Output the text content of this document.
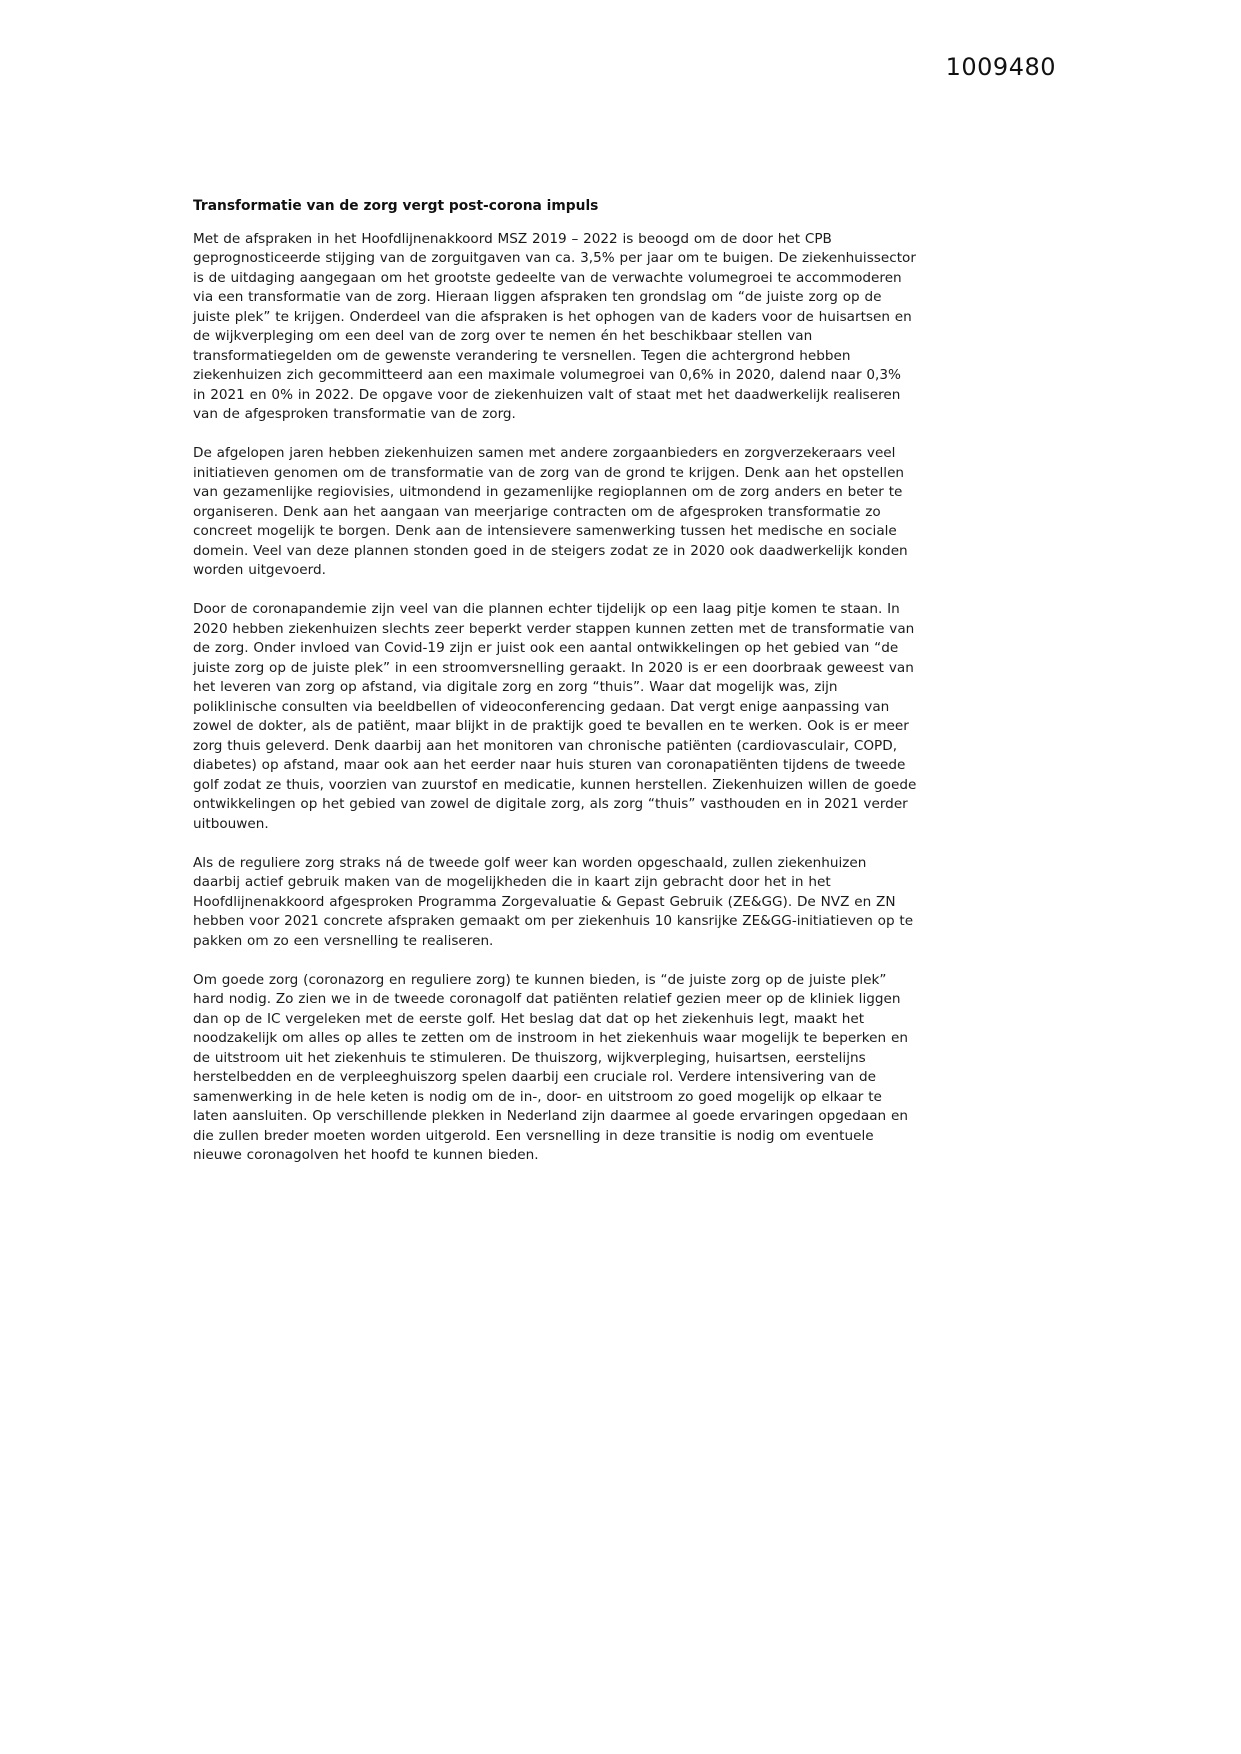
1009480
Transformatie van de zorg vergt post-corona impuls

Met de afspraken in het Hoofdlijnenakkoord MSZ 2019 – 2022 is beoogd om de door het CPB geprognosticeerde stijging van de zorguitgaven van ca. 3,5% per jaar om te buigen. De ziekenhuissector is de uitdaging aangegaan om het grootste gedeelte van de verwachte volumegroei te accommoderen via een transformatie van de zorg. Hieraan liggen afspraken ten grondslag om “de juiste zorg op de juiste plek” te krijgen. Onderdeel van die afspraken is het ophogen van de kaders voor de huisartsen en de wijkverpleging om een deel van de zorg over te nemen én het beschikbaar stellen van transformatiegelden om de gewenste verandering te versnellen. Tegen die achtergrond hebben ziekenhuizen zich gecommitteerd aan een maximale volumegroei van 0,6% in 2020, dalend naar 0,3% in 2021 en 0% in 2022. De opgave voor de ziekenhuizen valt of staat met het daadwerkelijk realiseren van de afgesproken transformatie van de zorg.

De afgelopen jaren hebben ziekenhuizen samen met andere zorgaanbieders en zorgverzekeraars veel initiatieven genomen om de transformatie van de zorg van de grond te krijgen. Denk aan het opstellen van gezamenlijke regiovisies, uitmondend in gezamenlijke regioplannen om de zorg anders en beter te organiseren. Denk aan het aangaan van meerjarige contracten om de afgesproken transformatie zo concreet mogelijk te borgen. Denk aan de intensievere samenwerking tussen het medische en sociale domein. Veel van deze plannen stonden goed in de steigers zodat ze in 2020 ook daadwerkelijk konden worden uitgevoerd.

Door de coronapandemie zijn veel van die plannen echter tijdelijk op een laag pitje komen te staan. In 2020 hebben ziekenhuizen slechts zeer beperkt verder stappen kunnen zetten met de transformatie van de zorg. Onder invloed van Covid-19 zijn er juist ook een aantal ontwikkelingen op het gebied van “de juiste zorg op de juiste plek” in een stroomversnelling geraakt. In 2020 is er een doorbraak geweest van het leveren van zorg op afstand, via digitale zorg en zorg “thuis”. Waar dat mogelijk was, zijn poliklinische consulten via beeldbellen of videoconferencing gedaan. Dat vergt enige aanpassing van zowel de dokter, als de patiënt, maar blijkt in de praktijk goed te bevallen en te werken. Ook is er meer zorg thuis geleverd. Denk daarbij aan het monitoren van chronische patiënten (cardiovasculair, COPD, diabetes) op afstand, maar ook aan het eerder naar huis sturen van coronapatiënten tijdens de tweede golf zodat ze thuis, voorzien van zuurstof en medicatie, kunnen herstellen. Ziekenhuizen willen de goede ontwikkelingen op het gebied van zowel de digitale zorg, als zorg “thuis” vasthouden en in 2021 verder uitbouwen.

Als de reguliere zorg straks ná de tweede golf weer kan worden opgeschaald, zullen ziekenhuizen daarbij actief gebruik maken van de mogelijkheden die in kaart zijn gebracht door het in het Hoofdlijnenakkoord afgesproken Programma Zorgevaluatie & Gepast Gebruik (ZE&GG). De NVZ en ZN hebben voor 2021 concrete afspraken gemaakt om per ziekenhuis 10 kansrijke ZE&GG-initiatieven op te pakken om zo een versnelling te realiseren.

Om goede zorg (coronazorg en reguliere zorg) te kunnen bieden, is “de juiste zorg op de juiste plek” hard nodig. Zo zien we in de tweede coronagolf dat patiënten relatief gezien meer op de kliniek liggen dan op de IC vergeleken met de eerste golf. Het beslag dat dat op het ziekenhuis legt, maakt het noodzakelijk om alles op alles te zetten om de instroom in het ziekenhuis waar mogelijk te beperken en de uitstroom uit het ziekenhuis te stimuleren. De thuiszorg, wijkverpleging, huisartsen, eerstelijns herstelbedden en de verpleeghuiszorg spelen daarbij een cruciale rol. Verdere intensivering van de samenwerking in de hele keten is nodig om de in-, door- en uitstroom zo goed mogelijk op elkaar te laten aansluiten. Op verschillende plekken in Nederland zijn daarmee al goede ervaringen opgedaan en die zullen breder moeten worden uitgerold. Een versnelling in deze transitie is nodig om eventuele nieuwe coronagolven het hoofd te kunnen bieden.
